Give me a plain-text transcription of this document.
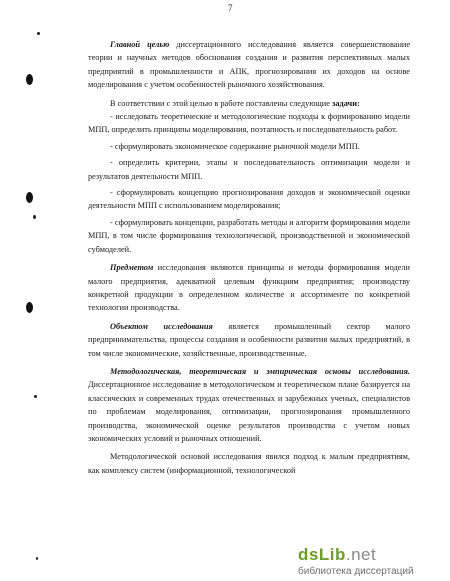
7

Главной целью диссертационного исследования является совершенствование теории и научных методов обоснования создания и развития перспективных малых предприятий в промышленности и АПК, прогнозирования их доходов на основе моделирования с учетом особенностей рыночного хозяйствования.

В соответствии с этой целью в работе поставлены следующие задачи:

- исследовать теоретические и методологические подходы к формированию модели МПП, определить принципы моделирования, поэтапность и последовательность работ.

- сформулировать экономическое содержание рыночной модели МПП.

- определить критерии, этапы и последовательность оптимизации модели и результатов деятельности МПП.

- сформулировать концепцию прогнозирования доходов и экономической оценки деятельности МПП с использованием моделирования;

- сформулировать концепции, разработать методы и алгоритм формирования модели МПП, в том числе формирования технологической, производственной и экономической субмоделей.

Предметом исследования являются принципы и методы формирования модели малого предприятия, адекватной целевым функциям предприятия; производству конкретной продукции в определенном количестве и ассортименте по конкретной технологии производства.

Объектом исследования является промышленный сектор малого предпринимательства, процессы создания и особенности развития малых предприятий, в том числе экономические, хозяйственные, производственные.

Методологическая, теоретическая и эмпирическая основы исследования. Диссертационное исследование в методологическом и теоретическом плане базируется на классических и современных трудах отечественных и зарубежных ученых, специалистов по проблемам моделирования, оптимизации, прогнозирования промышленного производства, экономической оценке результатов производства с учетом новых экономических условий и рыночных отношений.

Методологической основой исследования явился подход к малым предприятиям, как комплексу систем (информационной, технологической

dsLib.net
библиотека диссертаций
